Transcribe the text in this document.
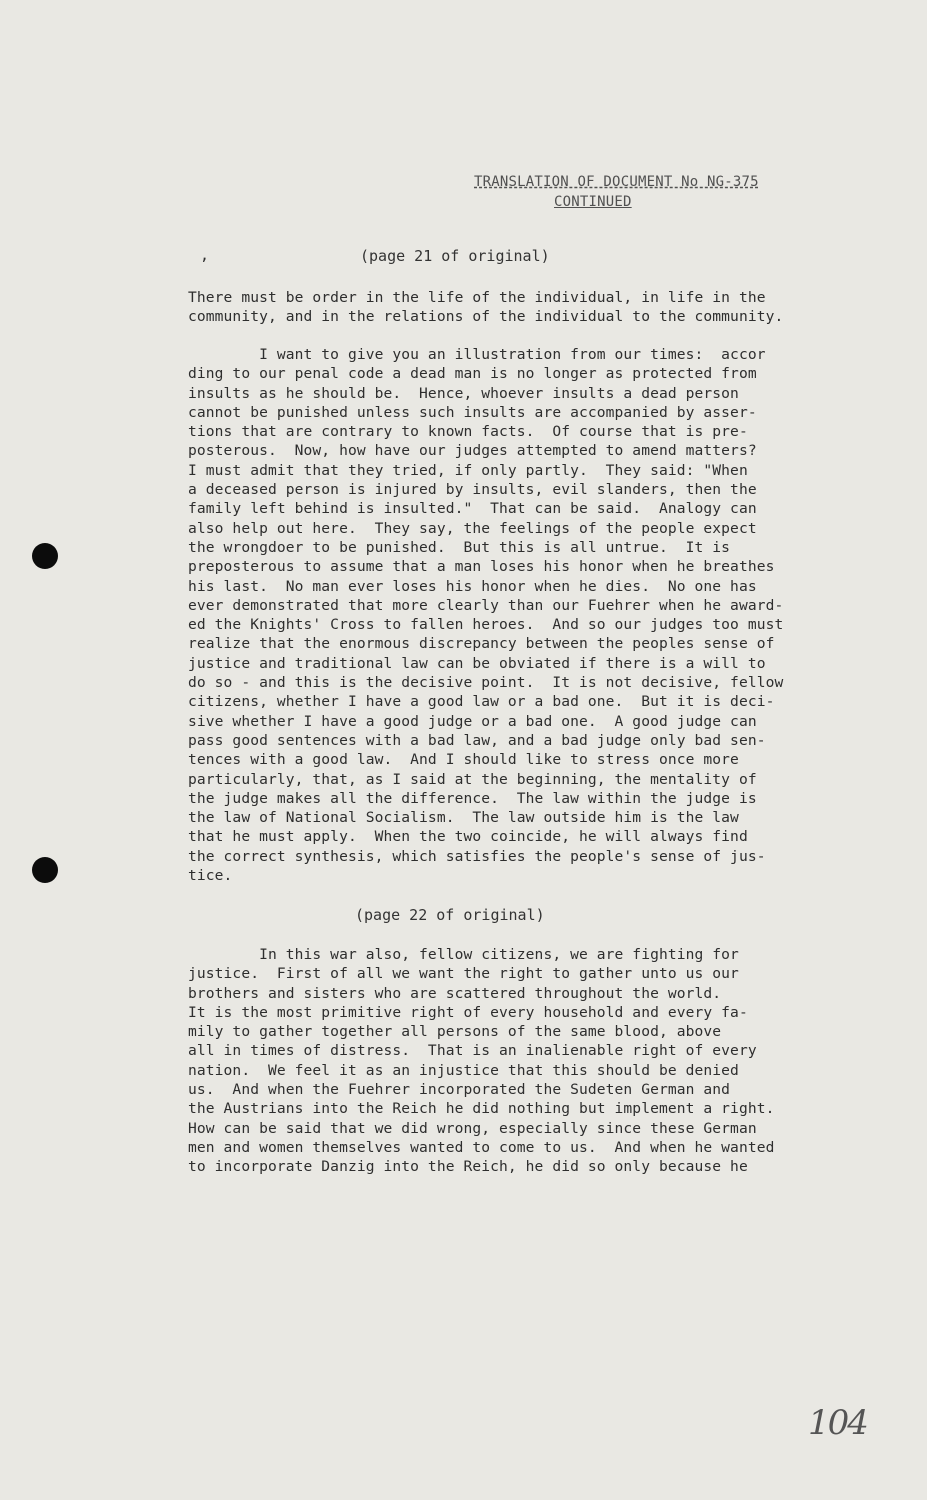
TRANSLATION OF DOCUMENT No NG-375
CONTINUED
,	(page 21 of original)
There must be order in the life of the individual, in life in the
community, and in the relations of the individual to the community.
I want to give you an illustration from our times:  accor
ding to our penal code a dead man is no longer as protected from
insults as he should be.  Hence, whoever insults a dead person
cannot be punished unless such insults are accompanied by asser-
tions that are contrary to known facts.  Of course that is pre-
posterous.  Now, how have our judges attempted to amend matters?
I must admit that they tried, if only partly.  They said: "When
a deceased person is injured by insults, evil slanders, then the
family left behind is insulted."  That can be said.  Analogy can
also help out here.  They say, the feelings of the people expect
the wrongdoer to be punished.  But this is all untrue.  It is
preposterous to assume that a man loses his honor when he breathes
his last.  No man ever loses his honor when he dies.  No one has
ever demonstrated that more clearly than our Fuehrer when he award-
ed the Knights' Cross to fallen heroes.  And so our judges too must
realize that the enormous discrepancy between the peoples sense of
justice and traditional law can be obviated if there is a will to
do so - and this is the decisive point.  It is not decisive, fellow
citizens, whether I have a good law or a bad one.  But it is deci-
sive whether I have a good judge or a bad one.  A good judge can
pass good sentences with a bad law, and a bad judge only bad sen-
tences with a good law.  And I should like to stress once more
particularly, that, as I said at the beginning, the mentality of
the judge makes all the difference.  The law within the judge is
the law of National Socialism.  The law outside him is the law
that he must apply.  When the two coincide, he will always find
the correct synthesis, which satisfies the people's sense of jus-
tice.
(page 22 of original)
In this war also, fellow citizens, we are fighting for
justice.  First of all we want the right to gather unto us our
brothers and sisters who are scattered throughout the world.
It is the most primitive right of every household and every fa-
mily to gather together all persons of the same blood, above
all in times of distress.  That is an inalienable right of every
nation.  We feel it as an injustice that this should be denied
us.  And when the Fuehrer incorporated the Sudeten German and
the Austrians into the Reich he did nothing but implement a right.
How can be said that we did wrong, especially since these German
men and women themselves wanted to come to us.  And when he wanted
to incorporate Danzig into the Reich, he did so only because he
104
